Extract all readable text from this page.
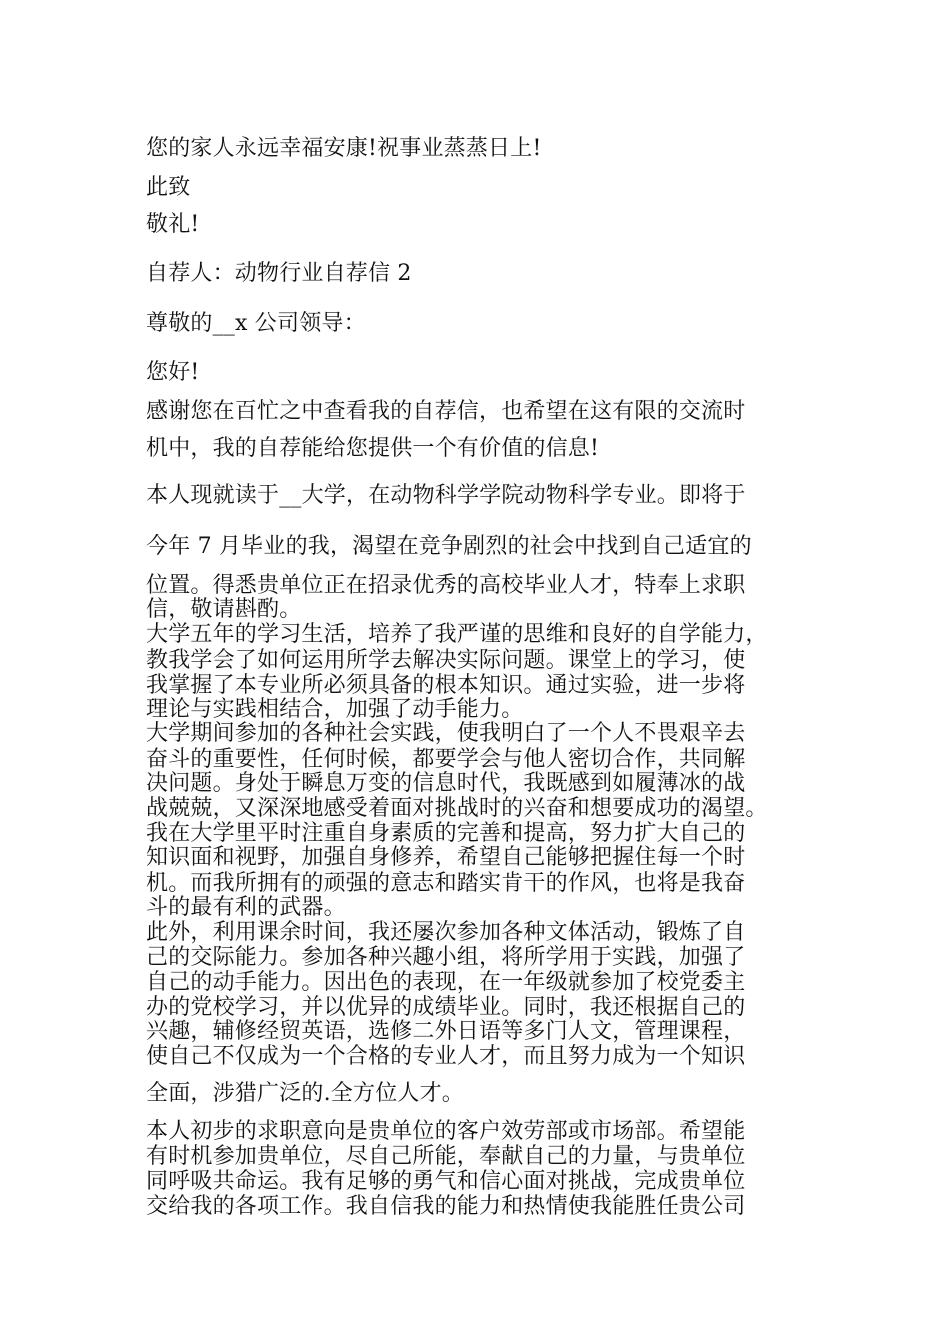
您的家人永远幸福安康!祝事业蒸蒸日上!
此致
敬礼!
自荐人：动物行业自荐信 2
尊敬的__x 公司领导：
您好!
感谢您在百忙之中查看我的自荐信，也希望在这有限的交流时
机中，我的自荐能给您提供一个有价值的信息!
本人现就读于__大学，在动物科学学院动物科学专业。即将于
今年 7 月毕业的我，渴望在竞争剧烈的社会中找到自己适宜的
位置。得悉贵单位正在招录优秀的高校毕业人才，特奉上求职
信，敬请斟酌。
大学五年的学习生活，培养了我严谨的思维和良好的自学能力，
教我学会了如何运用所学去解决实际问题。课堂上的学习，使
我掌握了本专业所必须具备的根本知识。通过实验，进一步将
理论与实践相结合，加强了动手能力。
大学期间参加的各种社会实践，使我明白了一个人不畏艰辛去
奋斗的重要性，任何时候，都要学会与他人密切合作，共同解
决问题。身处于瞬息万变的信息时代，我既感到如履薄冰的战
战兢兢，又深深地感受着面对挑战时的兴奋和想要成功的渴望。
我在大学里平时注重自身素质的完善和提高，努力扩大自己的
知识面和视野，加强自身修养，希望自己能够把握住每一个时
机。而我所拥有的顽强的意志和踏实肯干的作风，也将是我奋
斗的最有利的武器。
此外，利用课余时间，我还屡次参加各种文体活动，锻炼了自
己的交际能力。参加各种兴趣小组，将所学用于实践，加强了
自己的动手能力。因出色的表现，在一年级就参加了校党委主
办的党校学习，并以优异的成绩毕业。同时，我还根据自己的
兴趣，辅修经贸英语，选修二外日语等多门人文，管理课程，
使自己不仅成为一个合格的专业人才，而且努力成为一个知识
全面，涉猎广泛的.全方位人才。
本人初步的求职意向是贵单位的客户效劳部或市场部。希望能
有时机参加贵单位，尽自己所能，奉献自己的力量，与贵单位
同呼吸共命运。我有足够的勇气和信心面对挑战，完成贵单位
交给我的各项工作。我自信我的能力和热情使我能胜任贵公司
